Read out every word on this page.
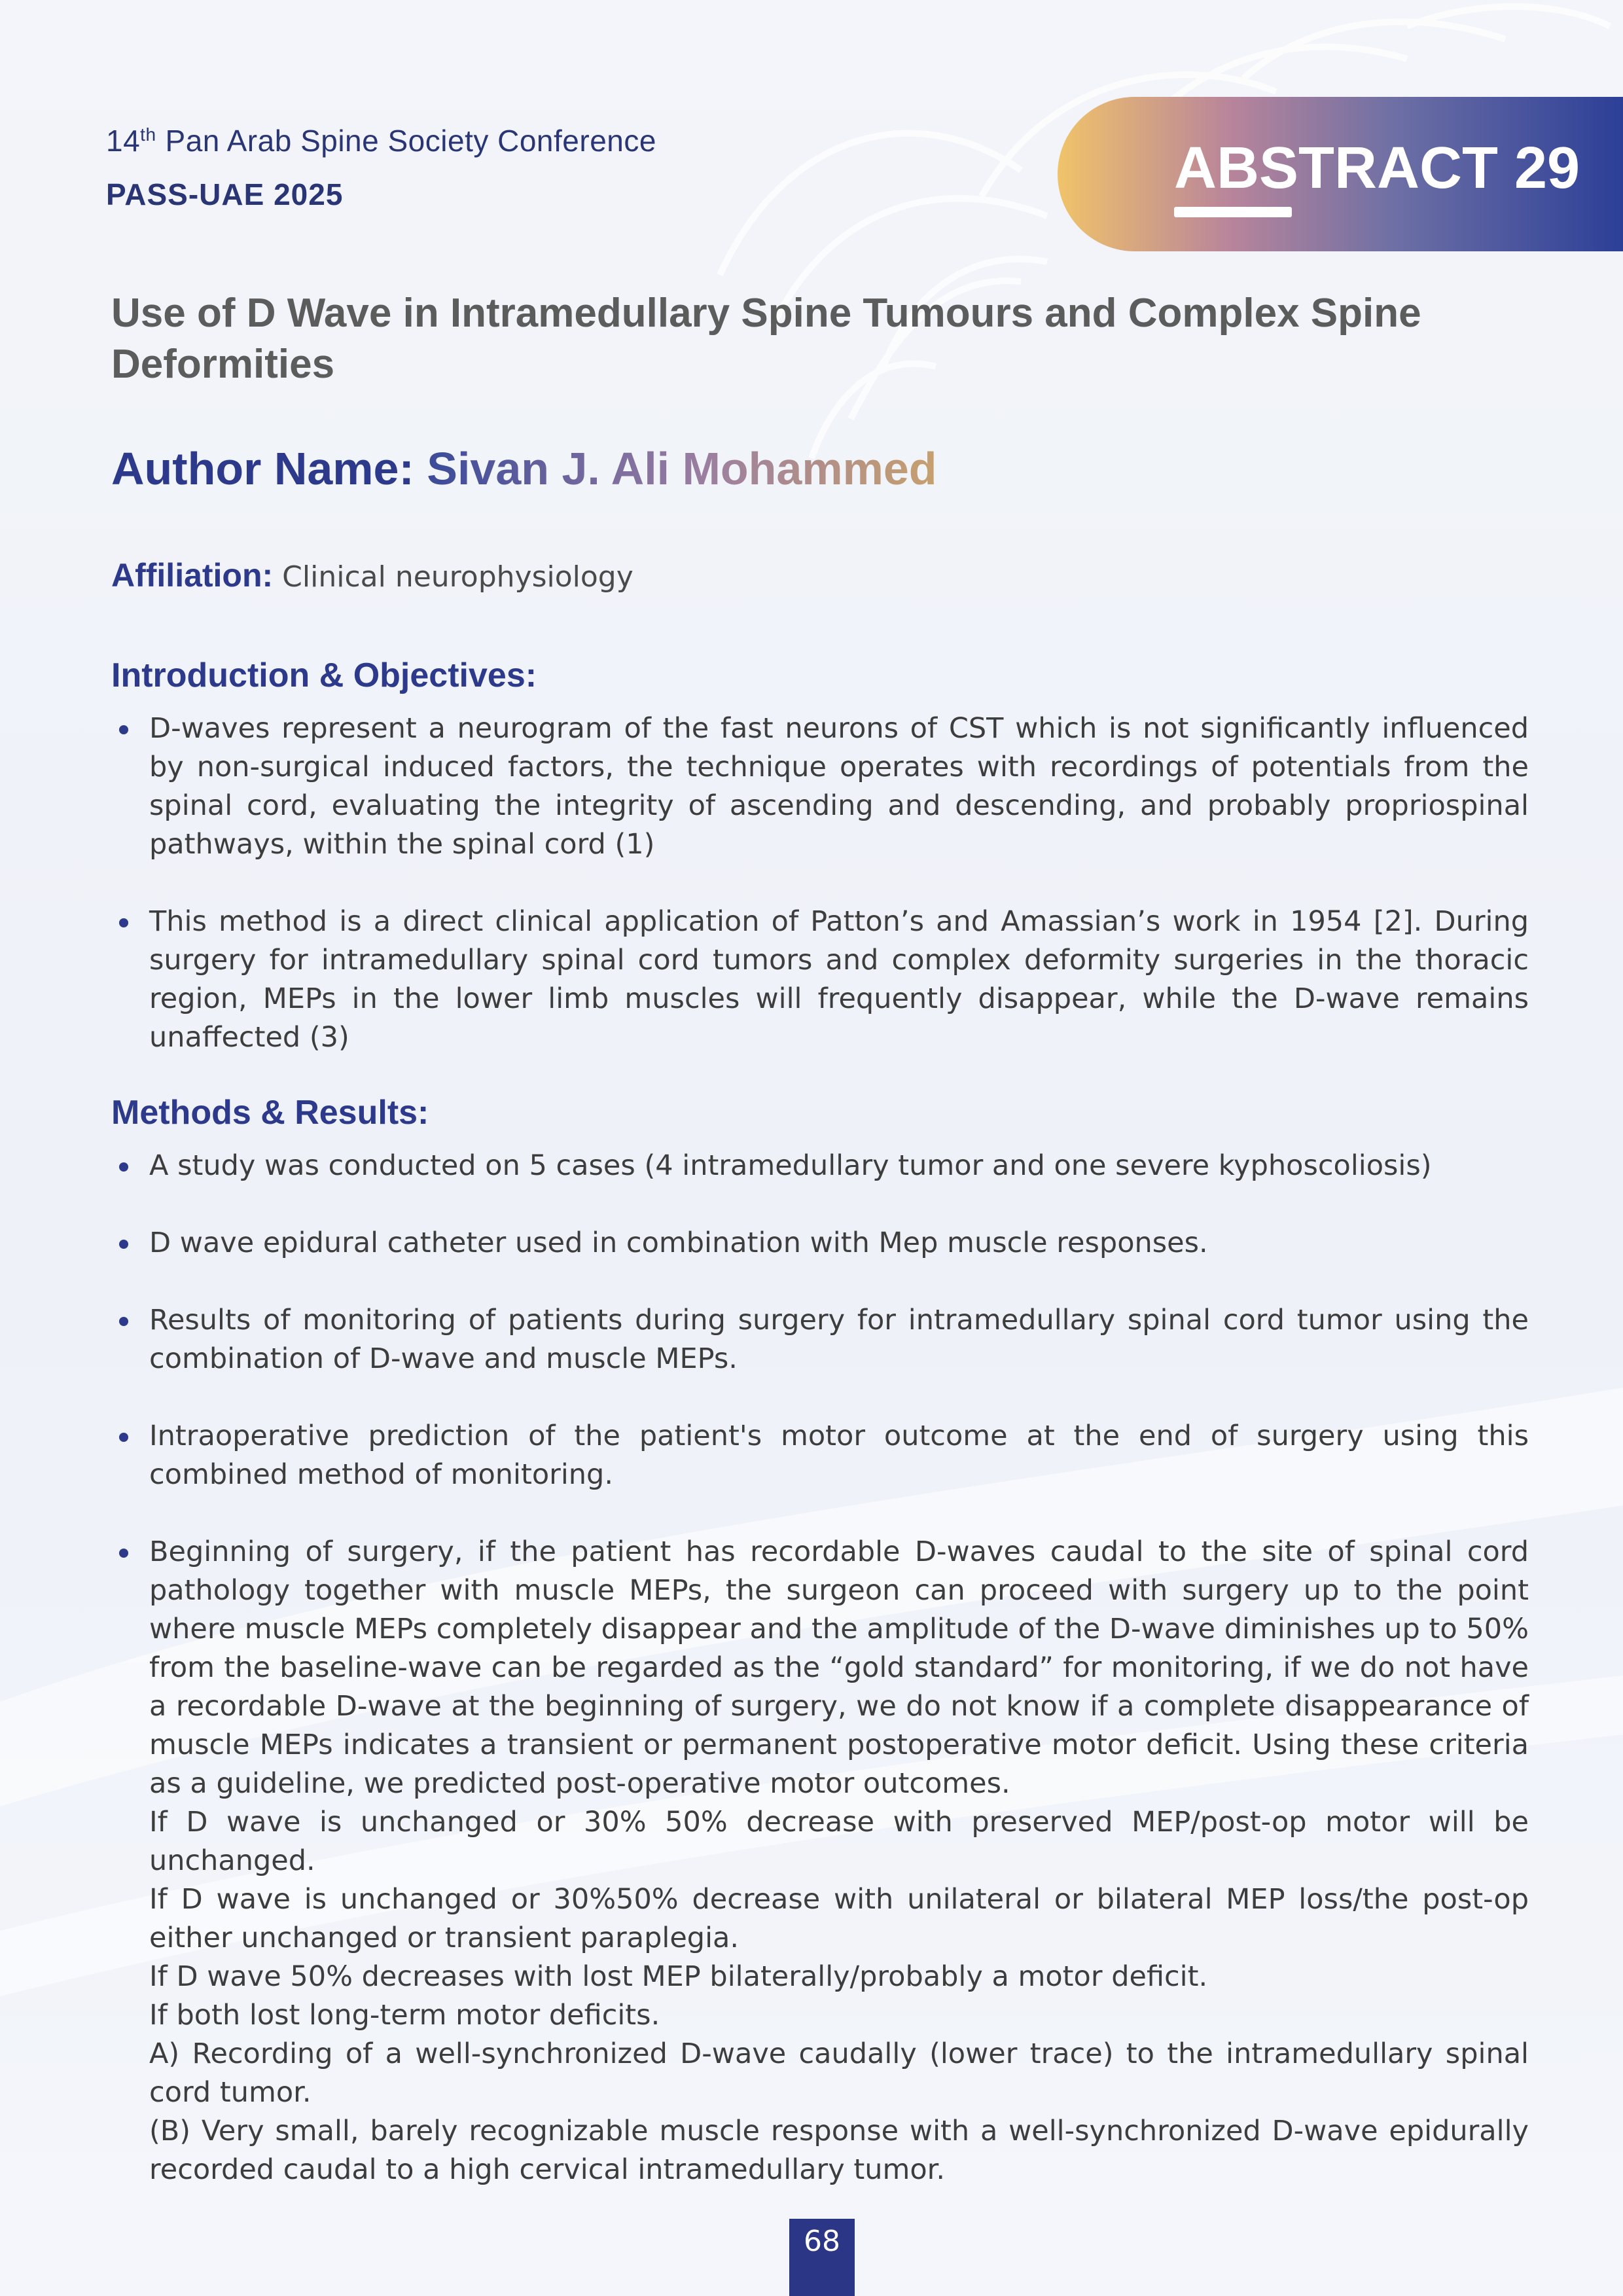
14th Pan Arab Spine Society Conference
PASS-UAE 2025	ABSTRACT 29
Use of D Wave in Intramedullary Spine Tumours and Complex Spine Deformities
Author Name: Sivan J. Ali Mohammed
Affiliation: Clinical neurophysiology
Introduction & Objectives:
D-waves represent a neurogram of the fast neurons of CST which is not significantly influenced by non-surgical induced factors, the technique operates with recordings of potentials from the spinal cord, evaluating the integrity of ascending and descending, and probably propriospinal pathways, within the spinal cord (1)
This method is a direct clinical application of Patton’s and Amassian’s work in 1954 [2]. During surgery for intramedullary spinal cord tumors and complex deformity surgeries in the thoracic region, MEPs in the lower limb muscles will frequently disappear, while the D-wave remains unaffected (3)
Methods & Results:
A study was conducted on 5 cases (4 intramedullary tumor and one severe kyphoscoliosis)
D wave epidural catheter used in combination with Mep muscle responses.
Results of monitoring of patients during surgery for intramedullary spinal cord tumor using the combination of D-wave and muscle MEPs.
Intraoperative prediction of the patient's motor outcome at the end of surgery using this combined method of monitoring.
Beginning of surgery, if the patient has recordable D-waves caudal to the site of spinal cord pathology together with muscle MEPs, the surgeon can proceed with surgery up to the point where muscle MEPs completely disappear and the amplitude of the D-wave diminishes up to 50% from the baseline-wave can be regarded as the “gold standard” for monitoring, if we do not have a recordable D-wave at the beginning of surgery, we do not know if a complete disappearance of muscle MEPs indicates a transient or permanent postoperative motor deficit. Using these criteria as a guideline, we predicted post-operative motor outcomes.
If D wave is unchanged or 30% 50% decrease with preserved MEP/post-op motor will be unchanged.
If D wave is unchanged or 30%50% decrease with unilateral or bilateral MEP loss/the post-op either unchanged or transient paraplegia.
If D wave 50% decreases with lost MEP bilaterally/probably a motor deficit.
If both lost long-term motor deficits.
A) Recording of a well-synchronized D-wave caudally (lower trace) to the intramedullary spinal cord tumor.
(B) Very small, barely recognizable muscle response with a well-synchronized D-wave epidurally recorded caudal to a high cervical intramedullary tumor.
68
